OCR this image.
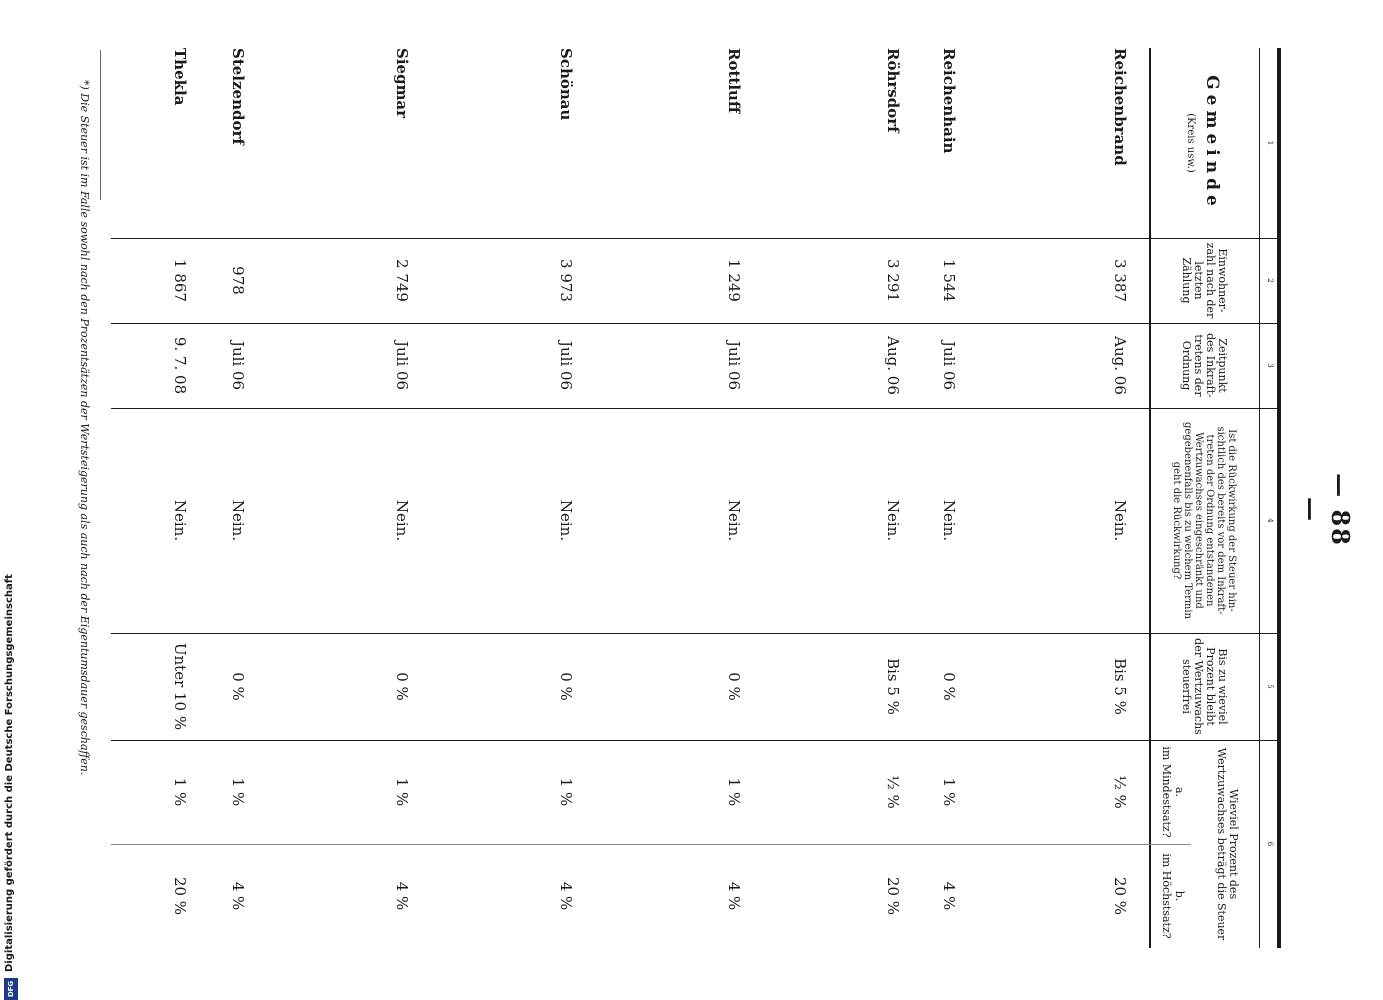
— 88 —
1
2
3
4
5
6
Gemeinde
(Kreis usw.)
Einwohner-zahl nach der letzten Zählung
Zeitpunkt des Inkraft-tretens der Ordnung
Ist die Rückwirkung der Steuer hin-sichtlich des bereits vor dem Inkraft-treten der Ordnung entstandenen Wertzuwachses eingeschränkt und gegebenenfalls bis zu welchem Termin geht die Rückwirkung?
Bis zu wieviel Prozent bleibt der Wertzuwachs steuerfrei
Wieviel Prozent des Wertzuwachses beträgt die Steuer
a.
im Mindestsatz?
b.
im Höchstsatz?
Reichenbrand
3 387
Aug. 06
Nein.
Bis 5 %
½ %
20 %
Reichenhain
1 544
Juli 06
Nein.
0 %
1 %
4 %
Röhrsdorf
3 291
Aug. 06
Nein.
Bis 5 %
½ %
20 %
Rottluff
1 249
Juli 06
Nein.
0 %
1 %
4 %
Schönau
3 973
Juli 06
Nein.
0 %
1 %
4 %
Siegmar
2 749
Juli 06
Nein.
0 %
1 %
4 %
Stelzendorf
978
Juli 06
Nein.
0 %
1 %
4 %
Thekla
1 867
9. 7. 08
Nein.
Unter 10 %
1 %
20 %
*) Die Steuer ist im Falle sowohl nach den Prozentsätzen der Wertsteigerung als auch nach der Eigentumsdauer geschaffen.
DFG
Digitalisierung gefördert durch die Deutsche Forschungsgemeinschaft
